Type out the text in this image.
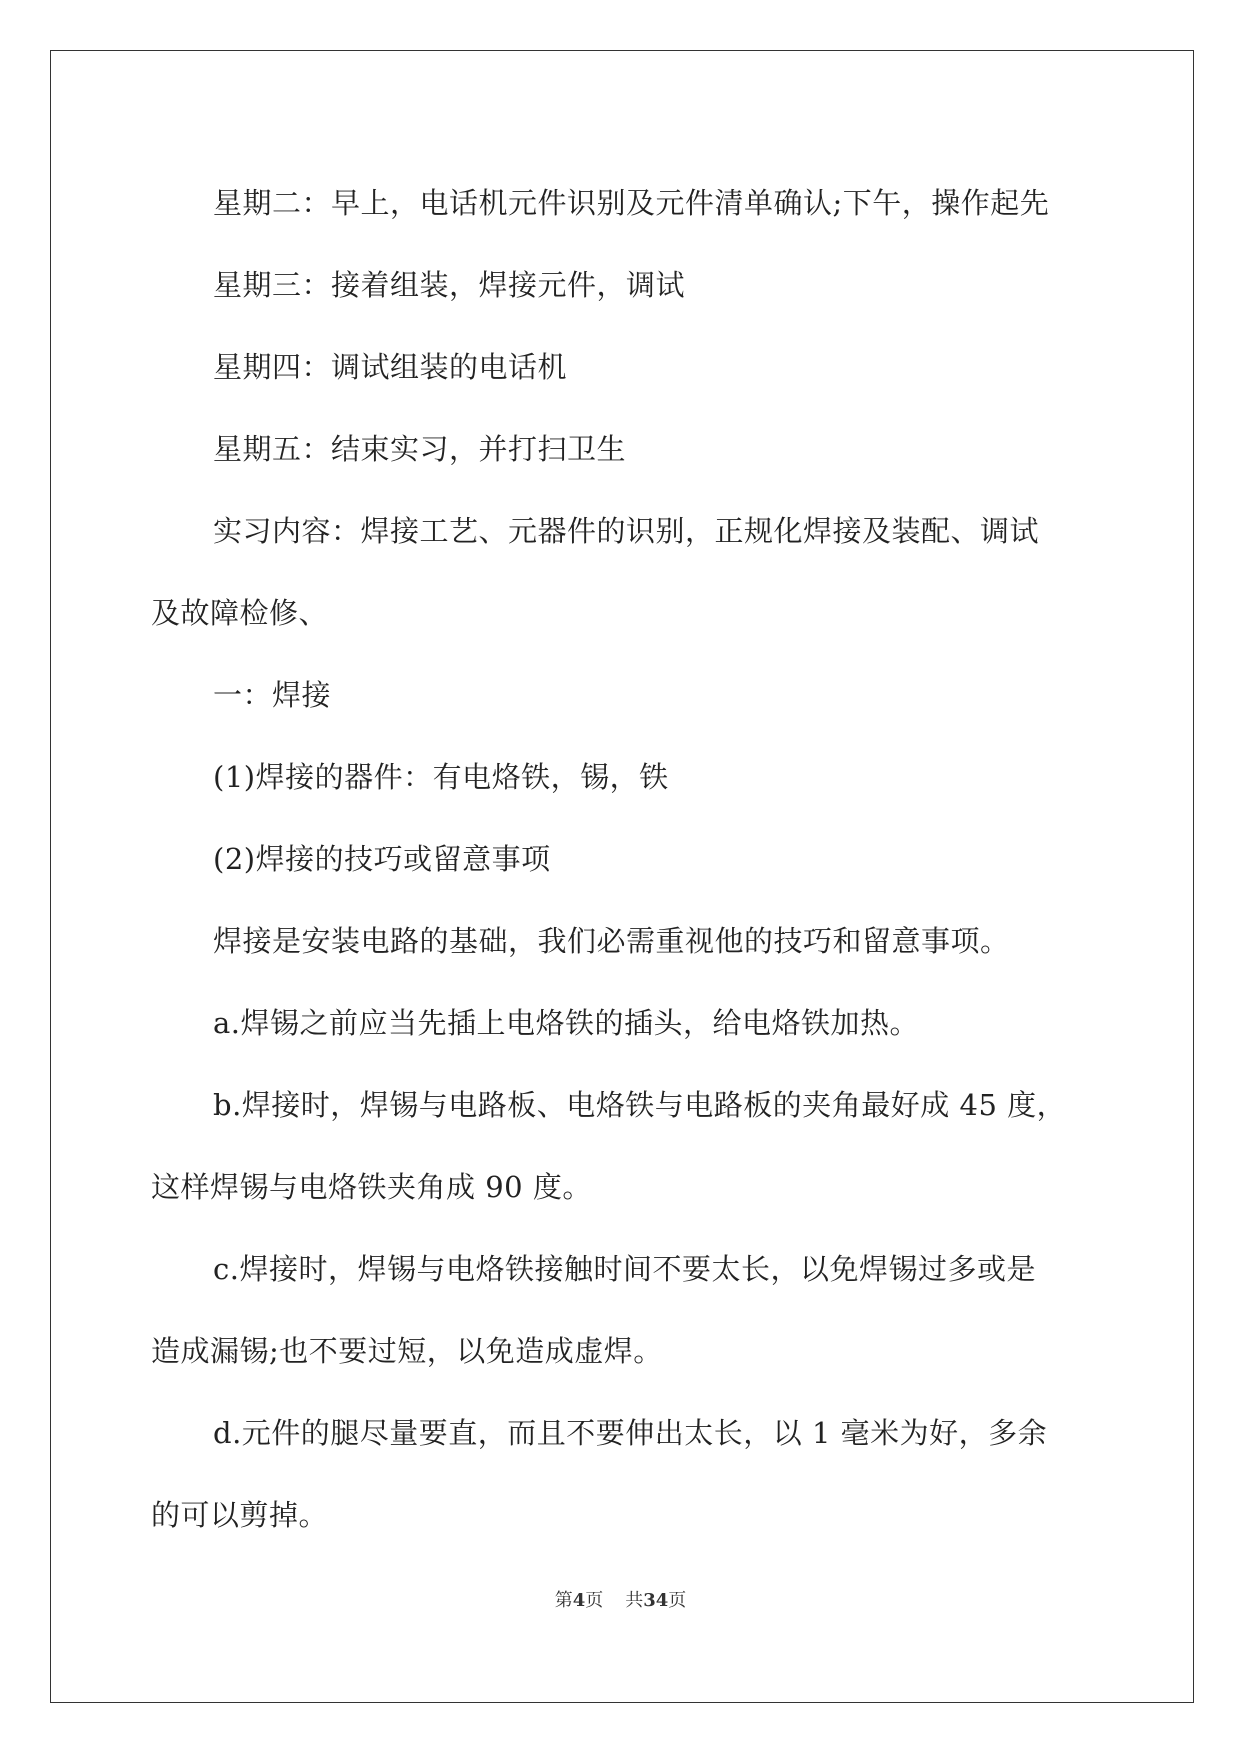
星期二：早上，电话机元件识别及元件清单确认;下午，操作起先

星期三：接着组装，焊接元件，调试

星期四：调试组装的电话机

星期五：结束实习，并打扫卫生

实习内容：焊接工艺、元器件的识别，正规化焊接及装配、调试

及故障检修、

一：焊接

(1)焊接的器件：有电烙铁，锡，铁

(2)焊接的技巧或留意事项

焊接是安装电路的基础，我们必需重视他的技巧和留意事项。

a.焊锡之前应当先插上电烙铁的插头，给电烙铁加热。

b.焊接时，焊锡与电路板、电烙铁与电路板的夹角最好成 45 度，

这样焊锡与电烙铁夹角成 90 度。

c.焊接时，焊锡与电烙铁接触时间不要太长，以免焊锡过多或是

造成漏锡;也不要过短，以免造成虚焊。

d.元件的腿尽量要直，而且不要伸出太长，以 1 毫米为好，多余

的可以剪掉。

第4页 共34页
